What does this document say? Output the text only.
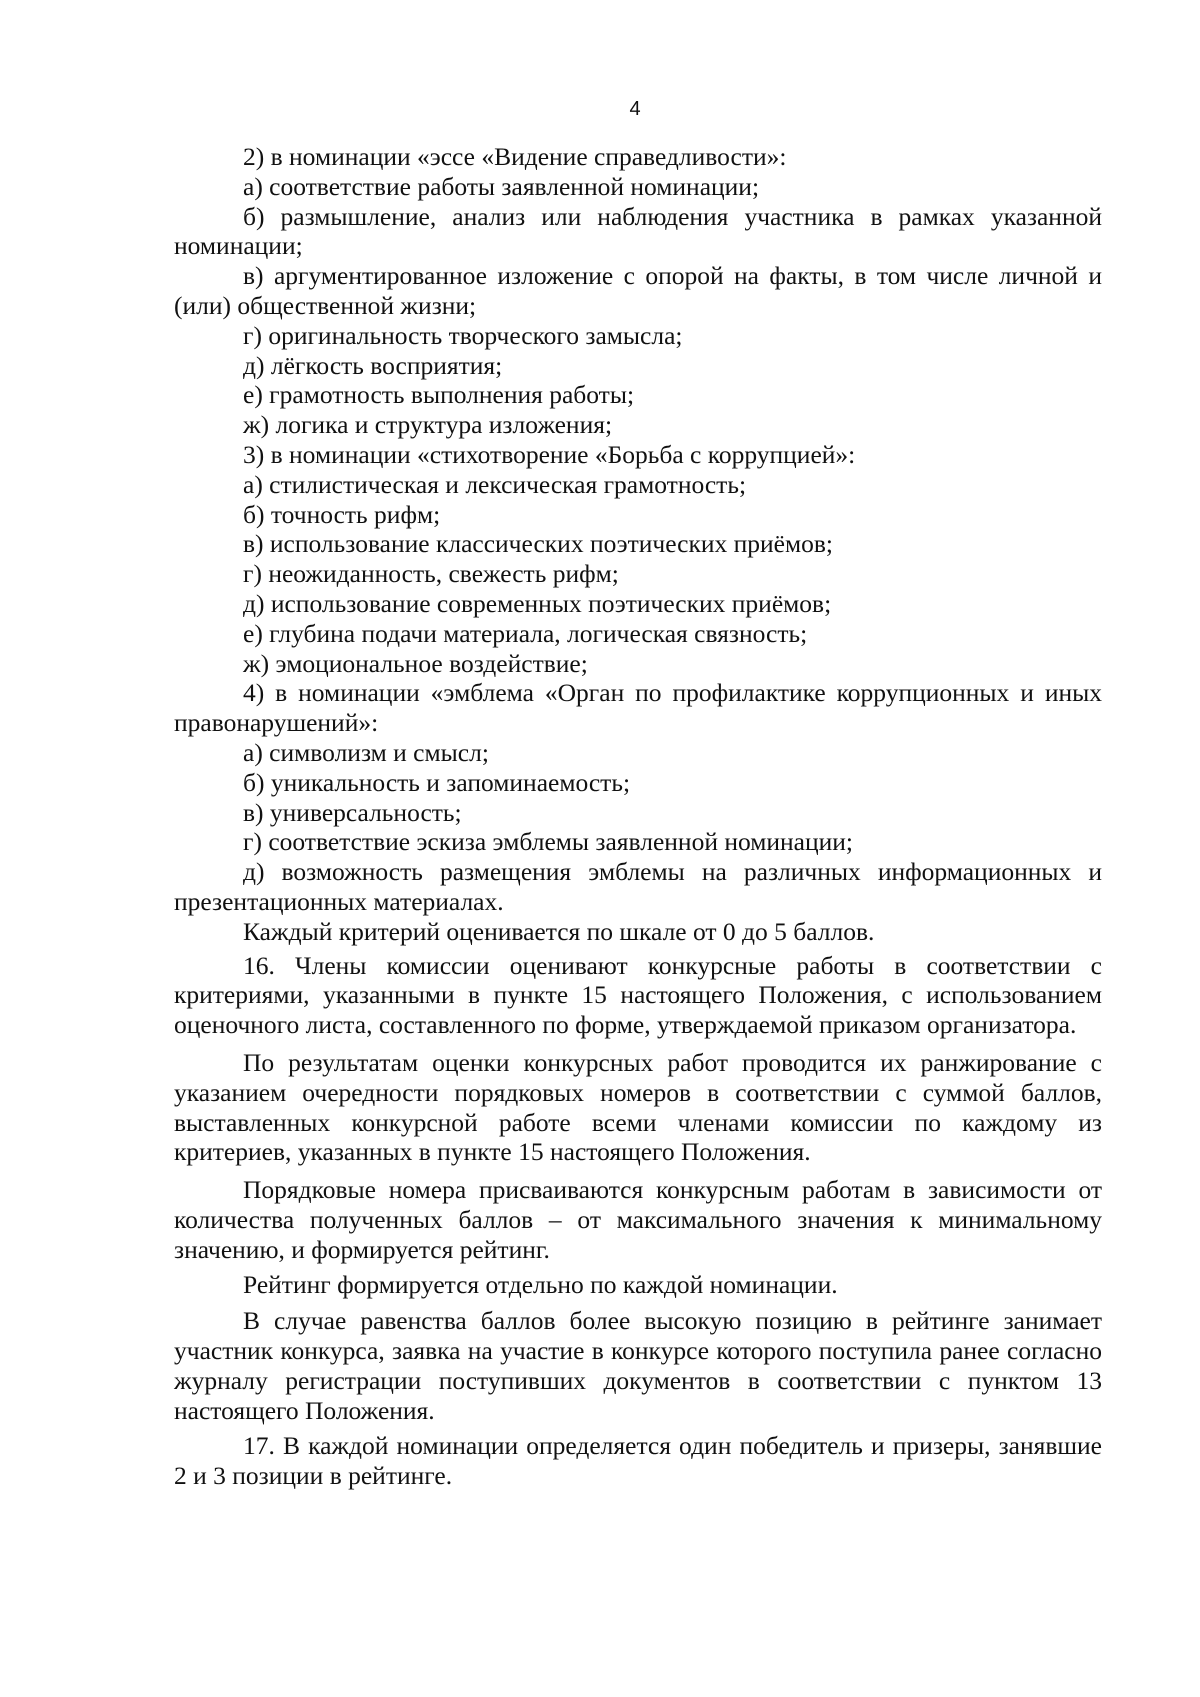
4

2) в номинации «эссе «Видение справедливости»:

а) соответствие работы заявленной номинации;

б) размышление, анализ или наблюдения участника в рамках указанной номинации;

в) аргументированное изложение с опорой на факты, в том числе личной и (или) общественной жизни;

г) оригинальность творческого замысла;

д) лёгкость восприятия;

е) грамотность выполнения работы;

ж) логика и структура изложения;

3) в номинации «стихотворение «Борьба с коррупцией»:

а) стилистическая и лексическая грамотность;

б) точность рифм;

в) использование классических поэтических приёмов;

г) неожиданность, свежесть рифм;

д) использование современных поэтических приёмов;

е) глубина подачи материала, логическая связность;

ж) эмоциональное воздействие;

4) в номинации «эмблема «Орган по профилактике коррупционных и иных правонарушений»:

а) символизм и смысл;

б) уникальность и запоминаемость;

в) универсальность;

г) соответствие эскиза эмблемы заявленной номинации;

д) возможность размещения эмблемы на различных информационных и презентационных материалах.

Каждый критерий оценивается по шкале от 0 до 5 баллов.

16. Члены комиссии оценивают конкурсные работы в соответствии с критериями, указанными в пункте 15 настоящего Положения, с использованием оценочного листа, составленного по форме, утверждаемой приказом организатора.

По результатам оценки конкурсных работ проводится их ранжирование с указанием очередности порядковых номеров в соответствии с суммой баллов, выставленных конкурсной работе всеми членами комиссии по каждому из критериев, указанных в пункте 15 настоящего Положения.

Порядковые номера присваиваются конкурсным работам в зависимости от количества полученных баллов – от максимального значения к минимальному значению, и формируется рейтинг.

Рейтинг формируется отдельно по каждой номинации.

В случае равенства баллов более высокую позицию в рейтинге занимает участник конкурса, заявка на участие в конкурсе которого поступила ранее согласно журналу регистрации поступивших документов в соответствии с пунктом 13 настоящего Положения.

17. В каждой номинации определяется один победитель и призеры, занявшие 2 и 3 позиции в рейтинге.
